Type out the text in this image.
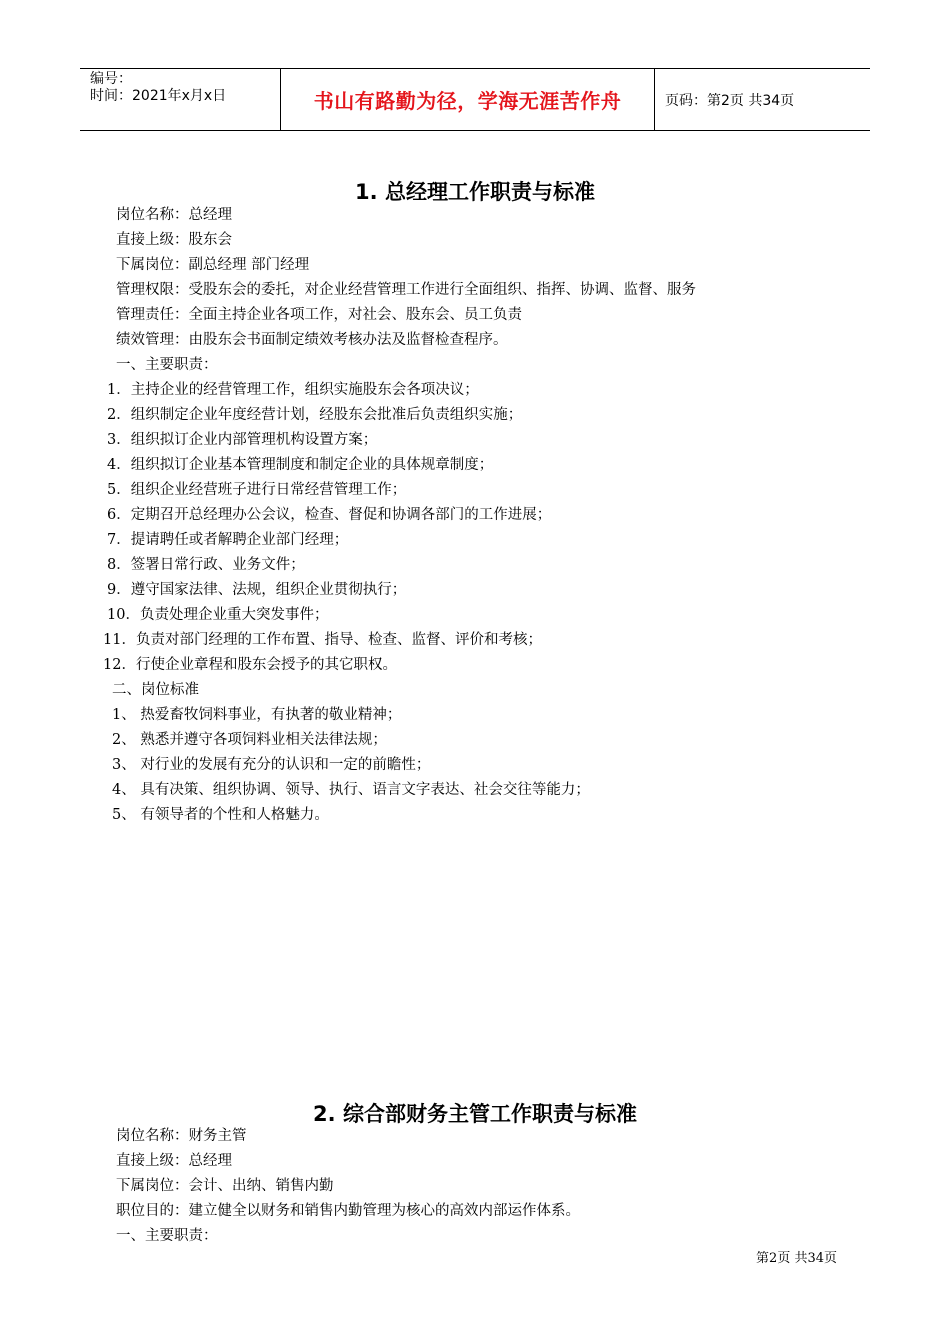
编号：
时间：2021年x月x日	书山有路勤为径，学海无涯苦作舟	页码：第2页 共34页
1. 总经理工作职责与标准
岗位名称：总经理
直接上级：股东会
下属岗位：副总经理 部门经理
管理权限：受股东会的委托，对企业经营管理工作进行全面组织、指挥、协调、监督、服务
管理责任：全面主持企业各项工作，对社会、股东会、员工负责
绩效管理：由股东会书面制定绩效考核办法及监督检查程序。
一、主要职责：
1．主持企业的经营管理工作，组织实施股东会各项决议；
2．组织制定企业年度经营计划，经股东会批准后负责组织实施；
3．组织拟订企业内部管理机构设置方案；
4．组织拟订企业基本管理制度和制定企业的具体规章制度；
5．组织企业经营班子进行日常经营管理工作；
6．定期召开总经理办公会议，检查、督促和协调各部门的工作进展；
7．提请聘任或者解聘企业部门经理；
8．签署日常行政、业务文件；
9．遵守国家法律、法规，组织企业贯彻执行；
10．负责处理企业重大突发事件；
11．负责对部门经理的工作布置、指导、检查、监督、评价和考核；
12．行使企业章程和股东会授予的其它职权。
二、岗位标准
1、 热爱畜牧饲料事业，有执著的敬业精神；
2、 熟悉并遵守各项饲料业相关法律法规；
3、 对行业的发展有充分的认识和一定的前瞻性；
4、 具有决策、组织协调、领导、执行、语言文字表达、社会交往等能力；
5、 有领导者的个性和人格魅力。
2. 综合部财务主管工作职责与标准
岗位名称：财务主管
直接上级：总经理
下属岗位：会计、出纳、销售内勤
职位目的：建立健全以财务和销售内勤管理为核心的高效内部运作体系。
一、主要职责：
第2页 共34页
